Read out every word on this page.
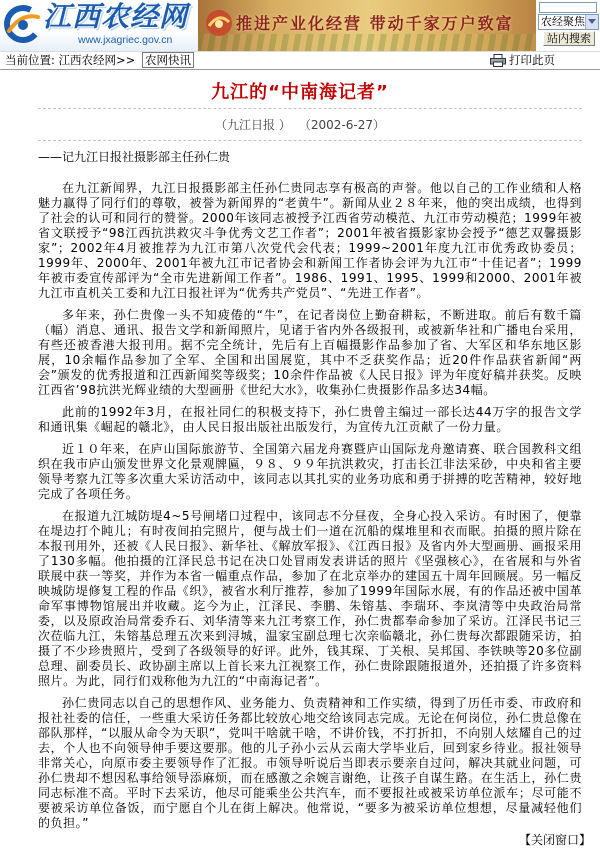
江西农经网
www.jxagriec.gov.cn
推进产业化经营 带动千家万户致富 农经聚焦
站内搜索
当前位置: 江西农经网>> 农网快讯	打印此页
九江的“中南海记者”
（九江日报 ） （2002-6-27）
——记九江日报社摄影部主任孙仁贵

在九江新闻界，九江日报摄影部主任孙仁贵同志享有极高的声誉。他以自己的工作业绩和人格魅力赢得了同行们的尊敬，被誉为新闻界的“老黄牛”。新闻从业２８年来，他的突出成绩，也得到了社会的认可和同行的赞誉。2000年该同志被授予江西省劳动模范、九江市劳动模范；1999年被省文联授予“98江西抗洪救灾斗争优秀文艺工作者”；2001年被省摄影家协会授予“德艺双馨摄影家”；2002年4月被推荐为九江市第八次党代会代表；1999~2001年度九江市优秀政协委员；1999年、2000年、2001年被九江市记者协会和新闻工作者协会评为九江市“十佳记者”；1999年被市委宣传部评为“全市先进新闻工作者”。1986、1991、1995、1999和2000、2001年被九江市直机关工委和九江日报社评为“优秀共产党员”、“先进工作者”。

多年来，孙仁贵像一头不知疲倦的“牛”，在记者岗位上勤奋耕耘，不断进取。前后有数千篇（幅）消息、通讯、报告文学和新闻照片，见诸于省内外各级报刊，或被新华社和广播电台采用，有些还被香港大报刊用。据不完全统计，先后有上百幅摄影作品参加了省、大军区和华东地区影展，10余幅作品参加了全军、全国和出国展览，其中不乏获奖作品；近20件作品获省新闻“两会”颁发的优秀报道和江西新闻奖等级奖；10余件作品被《人民日报》评为年度好稿并获奖。反映江西省’98抗洪光辉业绩的大型画册《世纪大水》，收集孙仁贵摄影作品多达34幅。

此前的1992年3月，在报社同仁的积极支持下，孙仁贵曾主编过一部长达44万字的报告文学和通讯集《崛起的赣北》，由人民日报出版社出版发行，为宣传九江贡献了一份力量。

近１０年来，在庐山国际旅游节、全国第六届龙舟赛暨庐山国际龙舟邀请赛、联合国教科文组织在我市庐山颁发世界文化景观牌匾，９８、９９年抗洪救灾，打击长江非法采砂，中央和省主要领导考察九江等多次重大采访活动中，该同志以其扎实的业务功底和勇于拼搏的吃苦精神，较好地完成了各项任务。

在报道九江城防堤4~5号闸堵口过程中，该同志不分昼夜，全身心投入采访。有时困了，便靠在堤边打个盹儿；有时夜间拍完照片，便与战士们一道在沉船的煤堆里和衣而眠。拍摄的照片除在本报刊用外，还被《人民日报》、新华社、《解放军报》、《江西日报》及省内外大型画册、画报采用了130多幅。他拍摄的江泽民总书记在决口处冒雨发表讲话的照片《坚强核心》，在省展和与外省联展中获一等奖，并作为本省一幅重点作品，参加了在北京举办的建国五十周年回顾展。另一幅反映城防堤修复工程的作品《织》，被省水利厅推荐，参加了1999年国际水展，有的作品还被中国革命军事博物馆展出并收藏。迄今为止，江泽民、李鹏、朱镕基、李瑞环、李岚清等中央政治局常委，以及原政治局常委乔石、刘华清等来九江考察工作，孙仁贵都奉命参加了采访。江泽民书记三次莅临九江，朱镕基总理五次来到浔城，温家宝副总理七次亲临赣北，孙仁贵每次都跟随采访，拍摄了不少珍贵照片，受到了各级领导的好评。此外，钱其琛、丁关根、吴邦国、李铁映等20多位副总理、副委员长、政协副主席以上首长来九江视察工作，孙仁贵除跟随报道外，还拍摄了许多资料照片。为此，同行们戏称他为九江的“中南海记者”。

孙仁贵同志以自己的思想作风、业务能力、负责精神和工作实绩，得到了历任市委、市政府和报社社委的信任，一些重大采访任务都比较放心地交给该同志完成。无论在何岗位，孙仁贵总像在部队那样，“以服从命令为天职”，党叫干啥就干啥，不讲价钱，不打折扣，不向别人炫耀自己的过去，个人也不向领导伸手要这要那。他的儿子孙小云从云南大学毕业后，回到家乡待业。报社领导非常关心，向原市委主要领导作了汇报。市领导听说后当即表示要亲自过问，解决其就业问题，可孙仁贵却不想因私事给领导添麻烦，而在感激之余婉言谢绝，让孩子自谋生路。在生活上，孙仁贵同志标准不高。平时下去采访，他尽可能乘坐公共汽车，而不要报社或被采访单位派车；尽可能不要被采访单位备饭，而宁愿自个儿在街上解决。他常说，“要多为被采访单位想想，尽量减轻他们的负担。”

【关闭窗口】
